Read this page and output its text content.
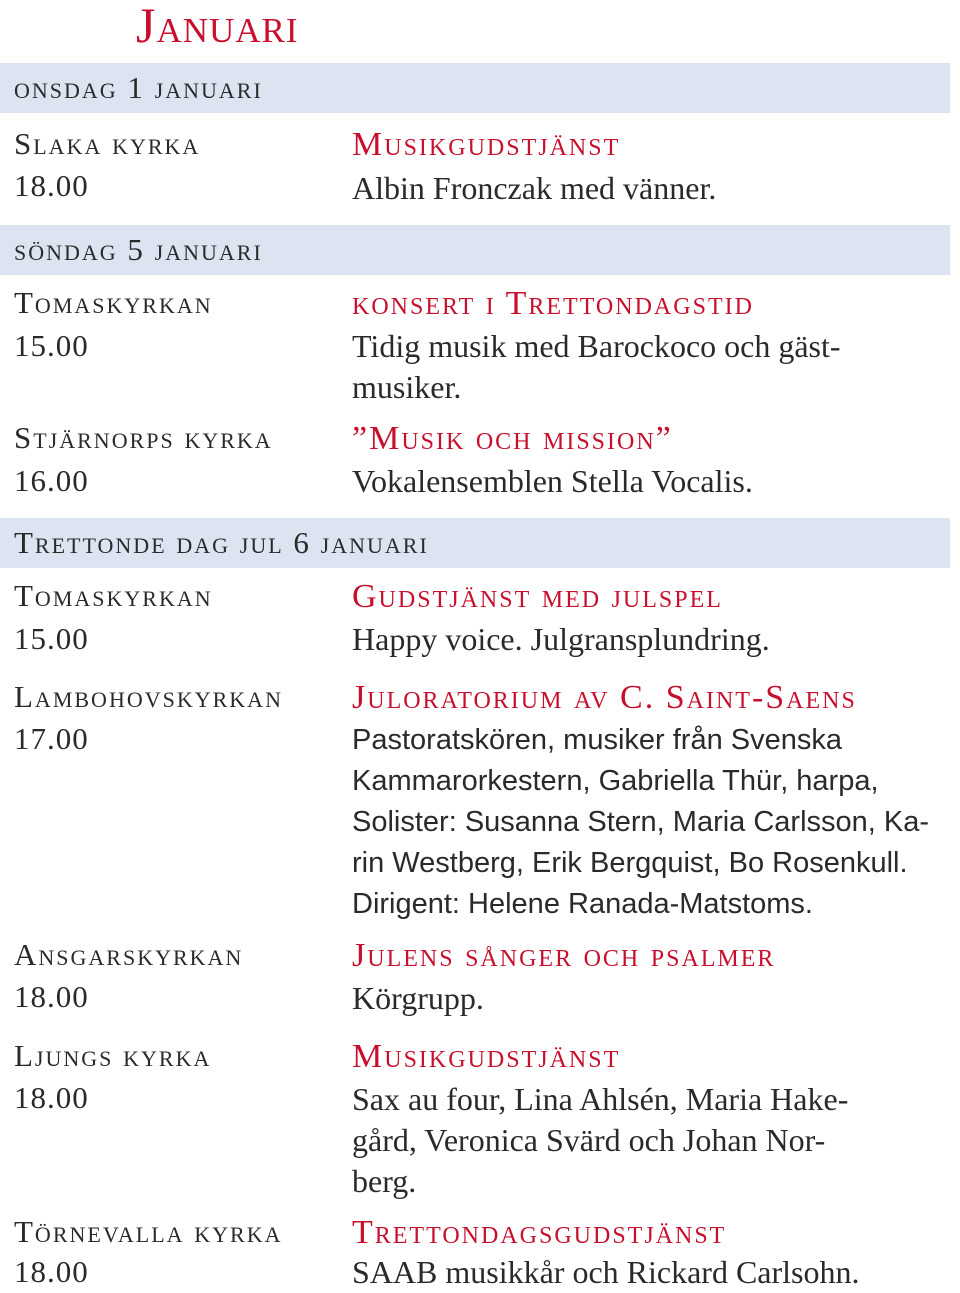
Januari
onsdag 1 januari
Slaka kyrka
18.00
Musikgudstjänst
Albin Fronczak med vänner.
söndag 5 januari
Tomaskyrkan
15.00
konsert i Trettondagstid
Tidig musik med Barockoco och gäst-
musiker.
Stjärnorps kyrka
16.00
”Musik och mission”
Vokalensemblen Stella Vocalis.
Trettonde dag jul 6 januari
Tomaskyrkan
15.00
Gudstjänst med julspel
Happy voice. Julgransplundring.
Lambohovskyrkan
17.00
Juloratorium av C. Saint-Saens
Pastoratskören, musiker från Svenska
Kammarorkestern, Gabriella Thür, harpa,
Solister: Susanna Stern, Maria Carlsson, Ka-
rin Westberg, Erik Bergquist, Bo Rosenkull.
Dirigent: Helene Ranada-Matstoms.
Ansgarskyrkan
18.00
Julens sånger och psalmer
Körgrupp.
Ljungs kyrka
18.00
Musikgudstjänst
Sax au four, Lina Ahlsén, Maria Hake-
gård, Veronica Svärd och Johan Nor-
berg.
Törnevalla kyrka
18.00
Trettondagsgudstjänst
SAAB musikkår och Rickard Carlsohn.
